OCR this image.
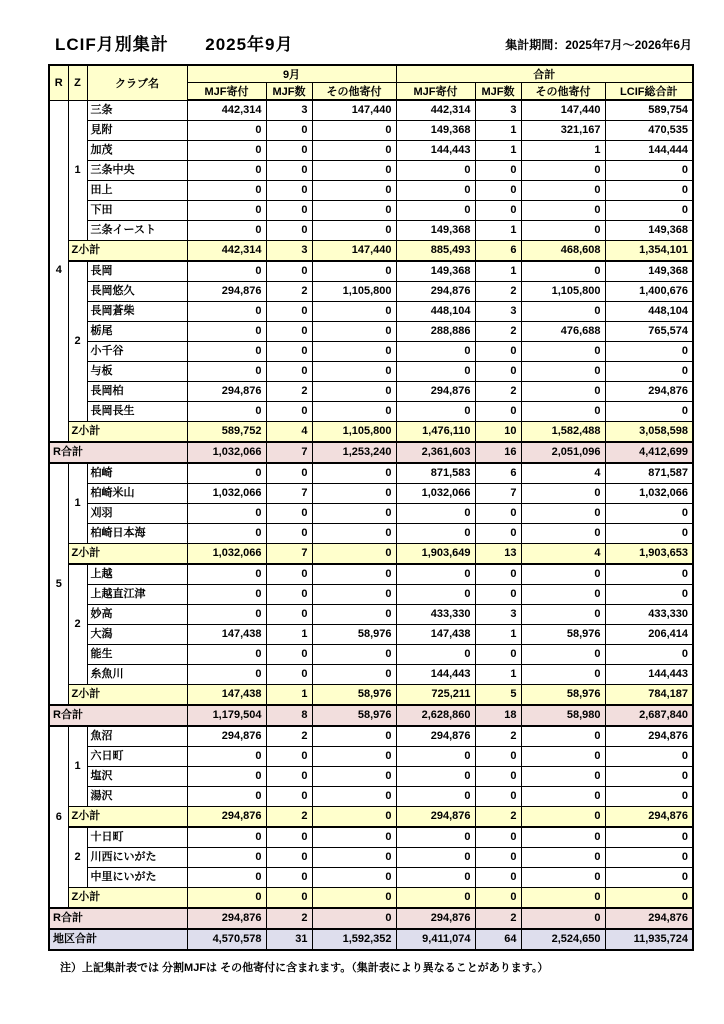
LCIF月別集計 2025年9月	集計期間：2025年7月～2026年6月
R	Z	クラブ名	9月			合計			
			MJF寄付	MJF数	その他寄付	MJF寄付	MJF数	その他寄付	LCIF総合計
4	1	三条	442,314	3	147,440	442,314	3	147,440	589,754
		見附	0	0	0	149,368	1	321,167	470,535
		加茂	0	0	0	144,443	1	1	144,444
		三条中央	0	0	0	0	0	0	0
		田上	0	0	0	0	0	0	0
		下田	0	0	0	0	0	0	0
		三条イースト	0	0	0	149,368	1	0	149,368
	Z小計		442,314	3	147,440	885,493	6	468,608	1,354,101
	2	長岡	0	0	0	149,368	1	0	149,368
		長岡悠久	294,876	2	1,105,800	294,876	2	1,105,800	1,400,676
		長岡蒼柴	0	0	0	448,104	3	0	448,104
		栃尾	0	0	0	288,886	2	476,688	765,574
		小千谷	0	0	0	0	0	0	0
		与板	0	0	0	0	0	0	0
		長岡柏	294,876	2	0	294,876	2	0	294,876
		長岡長生	0	0	0	0	0	0	0
	Z小計		589,752	4	1,105,800	1,476,110	10	1,582,488	3,058,598
R合計			1,032,066	7	1,253,240	2,361,603	16	2,051,096	4,412,699
5	1	柏崎	0	0	0	871,583	6	4	871,587
		柏崎米山	1,032,066	7	0	1,032,066	7	0	1,032,066
		刈羽	0	0	0	0	0	0	0
		柏崎日本海	0	0	0	0	0	0	0
	Z小計		1,032,066	7	0	1,903,649	13	4	1,903,653
	2	上越	0	0	0	0	0	0	0
		上越直江津	0	0	0	0	0	0	0
		妙高	0	0	0	433,330	3	0	433,330
		大潟	147,438	1	58,976	147,438	1	58,976	206,414
		能生	0	0	0	0	0	0	0
		糸魚川	0	0	0	144,443	1	0	144,443
	Z小計		147,438	1	58,976	725,211	5	58,976	784,187
R合計			1,179,504	8	58,976	2,628,860	18	58,980	2,687,840
6	1	魚沼	294,876	2	0	294,876	2	0	294,876
		六日町	0	0	0	0	0	0	0
		塩沢	0	0	0	0	0	0	0
		湯沢	0	0	0	0	0	0	0
	Z小計		294,876	2	0	294,876	2	0	294,876
	2	十日町	0	0	0	0	0	0	0
		川西にいがた	0	0	0	0	0	0	0
		中里にいがた	0	0	0	0	0	0	0
	Z小計		0	0	0	0	0	0	0
R合計			294,876	2	0	294,876	2	0	294,876
地区合計			4,570,578	31	1,592,352	9,411,074	64	2,524,650	11,935,724
注）上記集計表では 分割MJFは その他寄付に含まれます。（集計表により異なることがあります。）
